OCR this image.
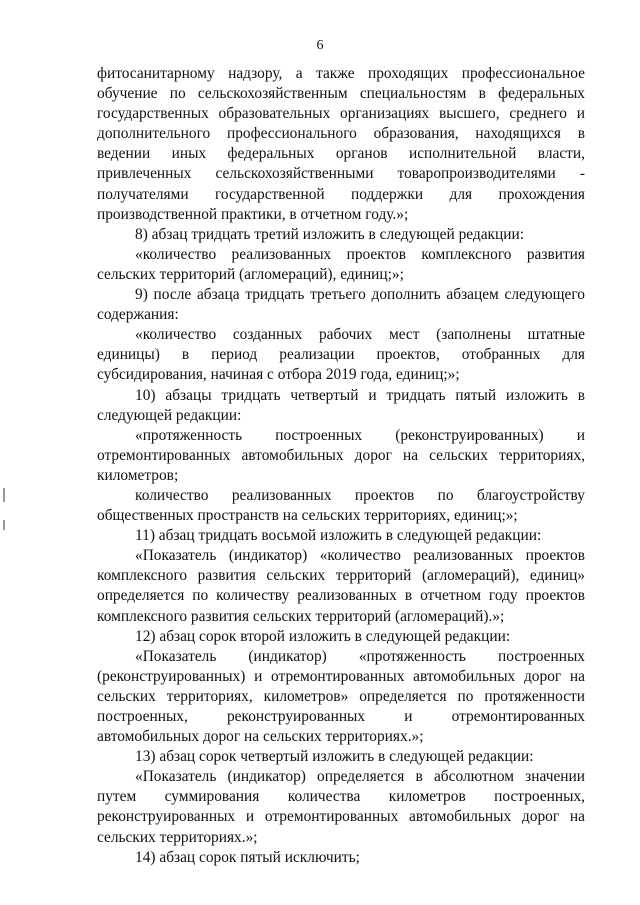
6

фитосанитарному надзору, а также проходящих профессиональное обучение по сельскохозяйственным специальностям в федеральных государственных образовательных организациях высшего, среднего и дополнительного профессионального образования, находящихся в ведении иных федеральных органов исполнительной власти, привлеченных сельскохозяйственными товаропроизводителями - получателями государственной поддержки для прохождения производственной практики, в отчетном году.»;

8) абзац тридцать третий изложить в следующей редакции:

«количество реализованных проектов комплексного развития сельских территорий (агломераций), единиц;»;

9) после абзаца тридцать третьего дополнить абзацем следующего содержания:

«количество созданных рабочих мест (заполнены штатные единицы) в период реализации проектов, отобранных для субсидирования, начиная с отбора 2019 года, единиц;»;

10) абзацы тридцать четвертый и тридцать пятый изложить в следующей редакции:

«протяженность построенных (реконструированных) и отремонтированных автомобильных дорог на сельских территориях, километров;

количество реализованных проектов по благоустройству общественных пространств на сельских территориях, единиц;»;

11) абзац тридцать восьмой изложить в следующей редакции:

«Показатель (индикатор) «количество реализованных проектов комплексного развития сельских территорий (агломераций), единиц» определяется по количеству реализованных в отчетном году проектов комплексного развития сельских территорий (агломераций).»;

12) абзац сорок второй изложить в следующей редакции:

«Показатель (индикатор) «протяженность построенных (реконструированных) и отремонтированных автомобильных дорог на сельских территориях, километров» определяется по протяженности построенных, реконструированных и отремонтированных автомобильных дорог на сельских территориях.»;

13) абзац сорок четвертый изложить в следующей редакции:

«Показатель (индикатор) определяется в абсолютном значении путем суммирования количества километров построенных, реконструированных и отремонтированных автомобильных дорог на сельских территориях.»;

14) абзац сорок пятый исключить;
